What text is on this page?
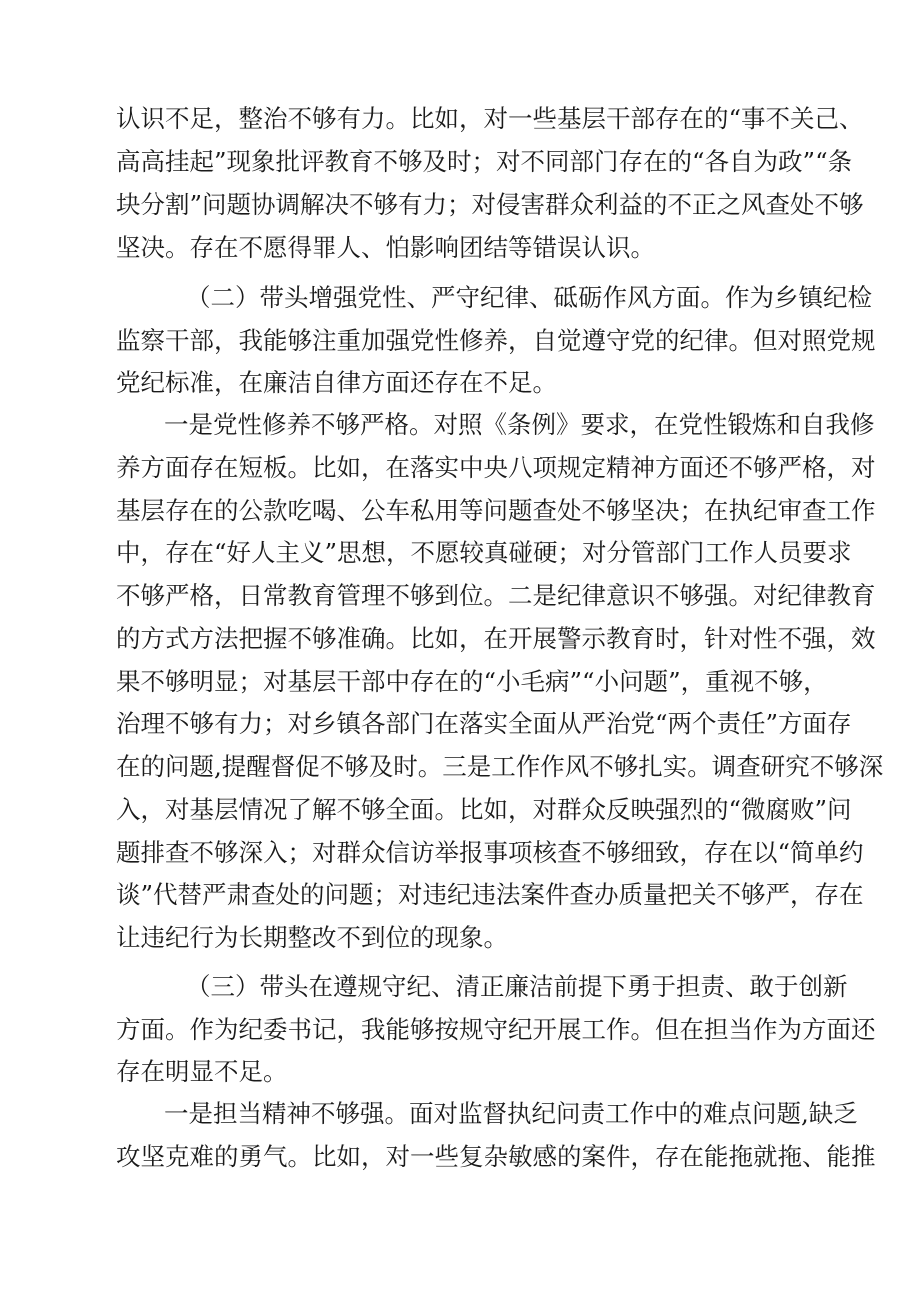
认识不足，整治不够有力。比如，对一些基层干部存在的“事不关己、
高高挂起”现象批评教育不够及时；对不同部门存在的“各自为政”“条
块分割”问题协调解决不够有力；对侵害群众利益的不正之风查处不够
坚决。存在不愿得罪人、怕影响团结等错误认识。
（二）带头增强党性、严守纪律、砥砺作风方面。作为乡镇纪检
监察干部，我能够注重加强党性修养，自觉遵守党的纪律。但对照党规
党纪标准，在廉洁自律方面还存在不足。
一是党性修养不够严格。对照《条例》要求，在党性锻炼和自我修
养方面存在短板。比如，在落实中央八项规定精神方面还不够严格，对
基层存在的公款吃喝、公车私用等问题查处不够坚决；在执纪审查工作
中，存在“好人主义”思想，不愿较真碰硬；对分管部门工作人员要求
不够严格，日常教育管理不够到位。二是纪律意识不够强。对纪律教育
的方式方法把握不够准确。比如，在开展警示教育时，针对性不强，效
果不够明显；对基层干部中存在的“小毛病”“小问题”，重视不够，
治理不够有力；对乡镇各部门在落实全面从严治党“两个责任”方面存
在的问题,提醒督促不够及时。三是工作作风不够扎实。调查研究不够深
入，对基层情况了解不够全面。比如，对群众反映强烈的“微腐败”问
题排查不够深入；对群众信访举报事项核查不够细致，存在以“简单约
谈”代替严肃查处的问题；对违纪违法案件查办质量把关不够严，存在
让违纪行为长期整改不到位的现象。
（三）带头在遵规守纪、清正廉洁前提下勇于担责、敢于创新
方面。作为纪委书记，我能够按规守纪开展工作。但在担当作为方面还
存在明显不足。
一是担当精神不够强。面对监督执纪问责工作中的难点问题,缺乏
攻坚克难的勇气。比如，对一些复杂敏感的案件，存在能拖就拖、能推
